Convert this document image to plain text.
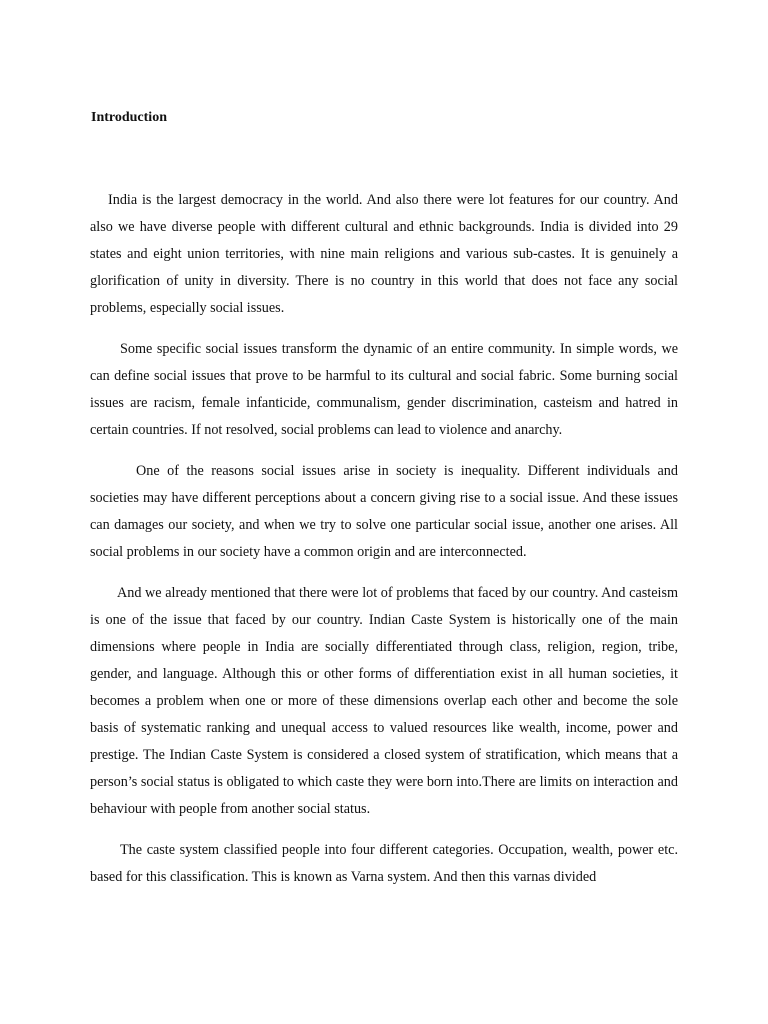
Introduction

India is the largest democracy in the world. And also there were lot features for our country. And also we have diverse people with different cultural and ethnic backgrounds. India is divided into 29 states and eight union territories, with nine main religions and various sub-castes. It is genuinely a glorification of unity in diversity. There is no country in this world that does not face any social problems, especially social issues.

Some specific social issues transform the dynamic of an entire community. In simple words, we can define social issues that prove to be harmful to its cultural and social fabric. Some burning social issues are racism, female infanticide, communalism, gender discrimination, casteism and hatred in certain countries. If not resolved, social problems can lead to violence and anarchy.

One of the reasons social issues arise in society is inequality. Different individuals and societies may have different perceptions about a concern giving rise to a social issue. And these issues can damages our society, and when we try to solve one particular social issue, another one arises. All social problems in our society have a common origin and are interconnected.

And we already mentioned that there were lot of problems that faced by our country. And casteism is one of the issue that faced by our country. Indian Caste System is historically one of the main dimensions where people in India are socially differentiated through class, religion, region, tribe, gender, and language. Although this or other forms of differentiation exist in all human societies, it becomes a problem when one or more of these dimensions overlap each other and become the sole basis of systematic ranking and unequal access to valued resources like wealth, income, power and prestige. The Indian Caste System is considered a closed system of stratification, which means that a person’s social status is obligated to which caste they were born into.There are limits on interaction and behaviour with people from another social status.

The caste system classified people into four different categories. Occupation, wealth, power etc. based for this classification. This is known as Varna system. And then this varnas divided
